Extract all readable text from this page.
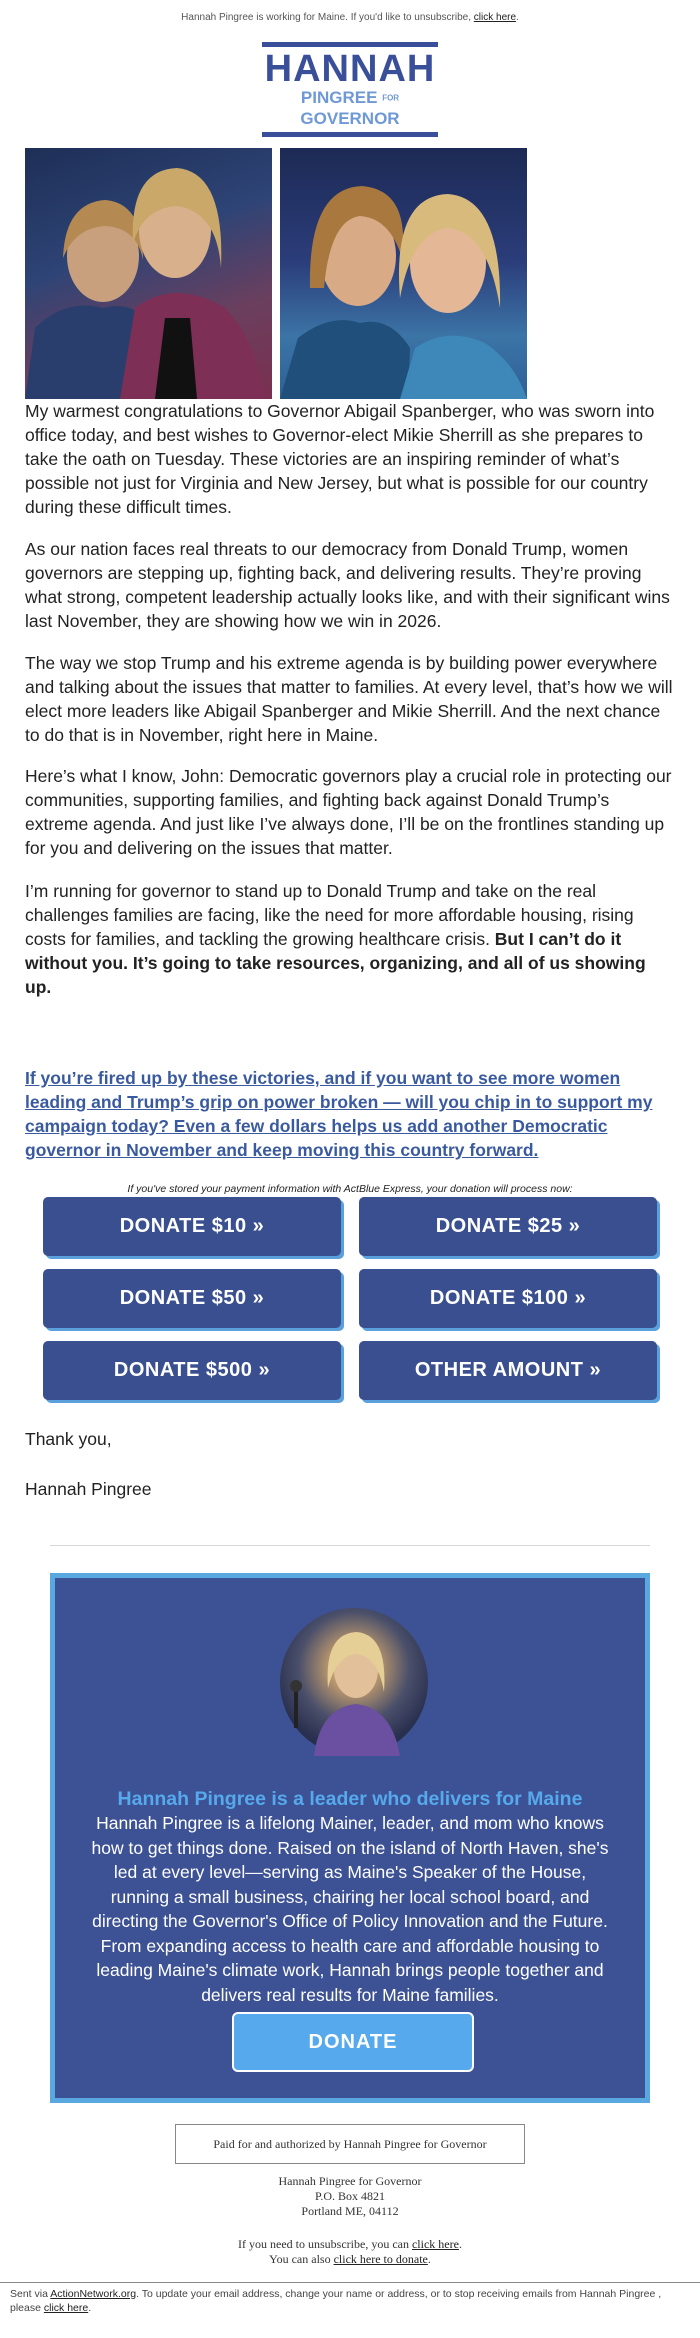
Hannah Pingree is working for Maine. If you'd like to unsubscribe, click here.
HANNAH
PINGREE FOR GOVERNOR

My warmest congratulations to Governor Abigail Spanberger, who was sworn into office today, and best wishes to Governor-elect Mikie Sherrill as she prepares to take the oath on Tuesday. These victories are an inspiring reminder of what’s possible not just for Virginia and New Jersey, but what is possible for our country during these difficult times.

As our nation faces real threats to our democracy from Donald Trump, women governors are stepping up, fighting back, and delivering results. They’re proving what strong, competent leadership actually looks like, and with their significant wins last November, they are showing how we win in 2026.

The way we stop Trump and his extreme agenda is by building power everywhere and talking about the issues that matter to families. At every level, that’s how we will elect more leaders like Abigail Spanberger and Mikie Sherrill. And the next chance to do that is in November, right here in Maine.

Here’s what I know, John: Democratic governors play a crucial role in protecting our communities, supporting families, and fighting back against Donald Trump’s extreme agenda. And just like I’ve always done, I’ll be on the frontlines standing up for you and delivering on the issues that matter.

I’m running for governor to stand up to Donald Trump and take on the real challenges families are facing, like the need for more affordable housing, rising costs for families, and tackling the growing healthcare crisis. But I can’t do it without you. It’s going to take resources, organizing, and all of us showing up.

If you’re fired up by these victories, and if you want to see more women leading and Trump’s grip on power broken — will you chip in to support my campaign today? Even a few dollars helps us add another Democratic governor in November and keep moving this country forward.
If you've stored your payment information with ActBlue Express, your donation will process now:
DONATE $10 »	DONATE $25 »
DONATE $50 »	DONATE $100 »
DONATE $500 »	OTHER AMOUNT »
Thank you,
Hannah Pingree
Hannah Pingree is a leader who delivers for Maine
Hannah Pingree is a lifelong Mainer, leader, and mom who knows how to get things done. Raised on the island of North Haven, she's led at every level—serving as Maine's Speaker of the House, running a small business, chairing her local school board, and directing the Governor's Office of Policy Innovation and the Future. From expanding access to health care and affordable housing to leading Maine's climate work, Hannah brings people together and delivers real results for Maine families.
DONATE
Paid for and authorized by Hannah Pingree for Governor
Hannah Pingree for Governor
P.O. Box 4821
Portland ME, 04112
If you need to unsubscribe, you can click here.
You can also click here to donate.
Sent via ActionNetwork.org. To update your email address, change your name or address, or to stop receiving emails from Hannah Pingree , please click here.
